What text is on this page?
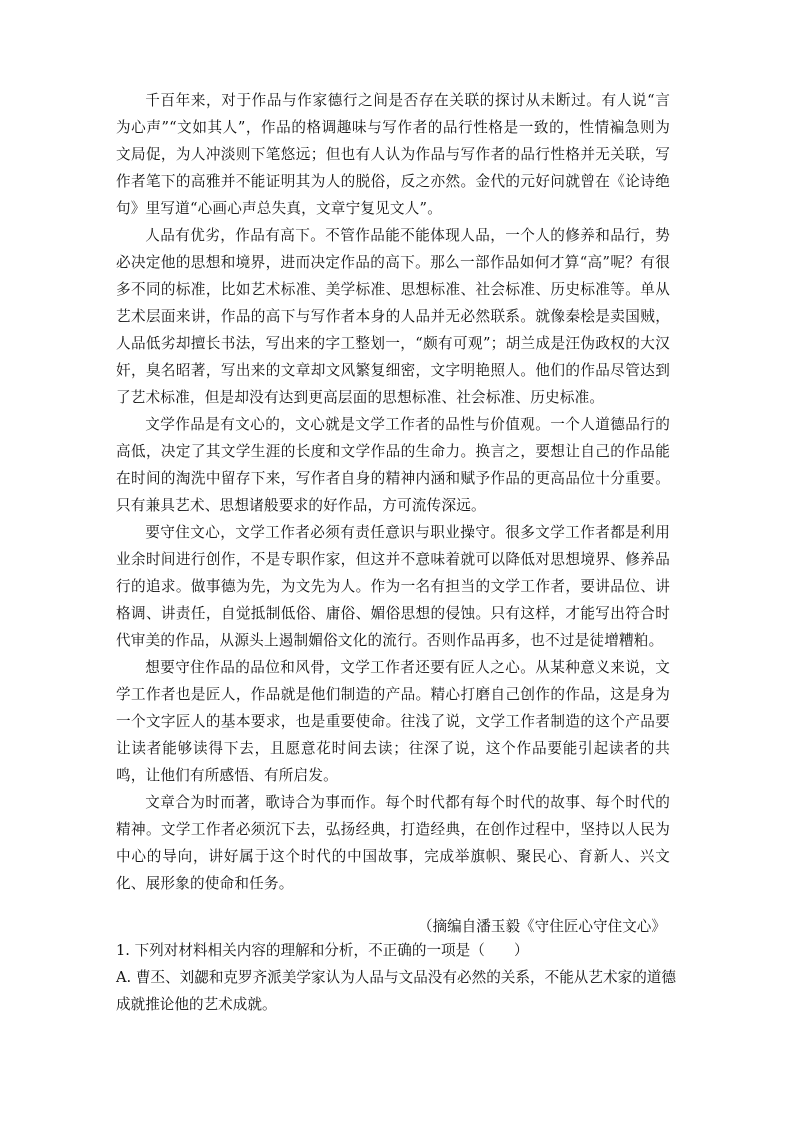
千百年来，对于作品与作家德行之间是否存在关联的探讨从未断过。有人说“言为心声”“文如其人”，作品的格调趣味与写作者的品行性格是一致的，性情褊急则为文局促，为人冲淡则下笔悠远；但也有人认为作品与写作者的品行性格并无关联，写作者笔下的高雅并不能证明其为人的脱俗，反之亦然。金代的元好问就曾在《论诗绝句》里写道“心画心声总失真，文章宁复见文人”。

人品有优劣，作品有高下。不管作品能不能体现人品，一个人的修养和品行，势必决定他的思想和境界，进而决定作品的高下。那么一部作品如何才算“高”呢？有很多不同的标准，比如艺术标准、美学标准、思想标准、社会标准、历史标准等。单从艺术层面来讲，作品的高下与写作者本身的人品并无必然联系。就像秦桧是卖国贼，人品低劣却擅长书法，写出来的字工整划一，“颇有可观”；胡兰成是汪伪政权的大汉奸，臭名昭著，写出来的文章却文风繁复细密，文字明艳照人。他们的作品尽管达到了艺术标准，但是却没有达到更高层面的思想标准、社会标准、历史标准。

文学作品是有文心的，文心就是文学工作者的品性与价值观。一个人道德品行的高低，决定了其文学生涯的长度和文学作品的生命力。换言之，要想让自己的作品能在时间的淘洗中留存下来，写作者自身的精神内涵和赋予作品的更高品位十分重要。只有兼具艺术、思想诸般要求的好作品，方可流传深远。

要守住文心，文学工作者必须有责任意识与职业操守。很多文学工作者都是利用业余时间进行创作，不是专职作家，但这并不意味着就可以降低对思想境界、修养品行的追求。做事德为先，为文先为人。作为一名有担当的文学工作者，要讲品位、讲格调、讲责任，自觉抵制低俗、庸俗、媚俗思想的侵蚀。只有这样，才能写出符合时代审美的作品，从源头上遏制媚俗文化的流行。否则作品再多，也不过是徒增糟粕。

想要守住作品的品位和风骨，文学工作者还要有匠人之心。从某种意义来说，文学工作者也是匠人，作品就是他们制造的产品。精心打磨自己创作的作品，这是身为一个文字匠人的基本要求，也是重要使命。往浅了说，文学工作者制造的这个产品要让读者能够读得下去，且愿意花时间去读；往深了说，这个作品要能引起读者的共鸣，让他们有所感悟、有所启发。

文章合为时而著，歌诗合为事而作。每个时代都有每个时代的故事、每个时代的精神。文学工作者必须沉下去，弘扬经典，打造经典，在创作过程中，坚持以人民为中心的导向，讲好属于这个时代的中国故事，完成举旗帜、聚民心、育新人、兴文化、展形象的使命和任务。

（摘编自潘玉毅《守住匠心守住文心》

1. 下列对材料相关内容的理解和分析，不正确的一项是（　　）

A. 曹丕、刘勰和克罗齐派美学家认为人品与文品没有必然的关系，不能从艺术家的道德成就推论他的艺术成就。
